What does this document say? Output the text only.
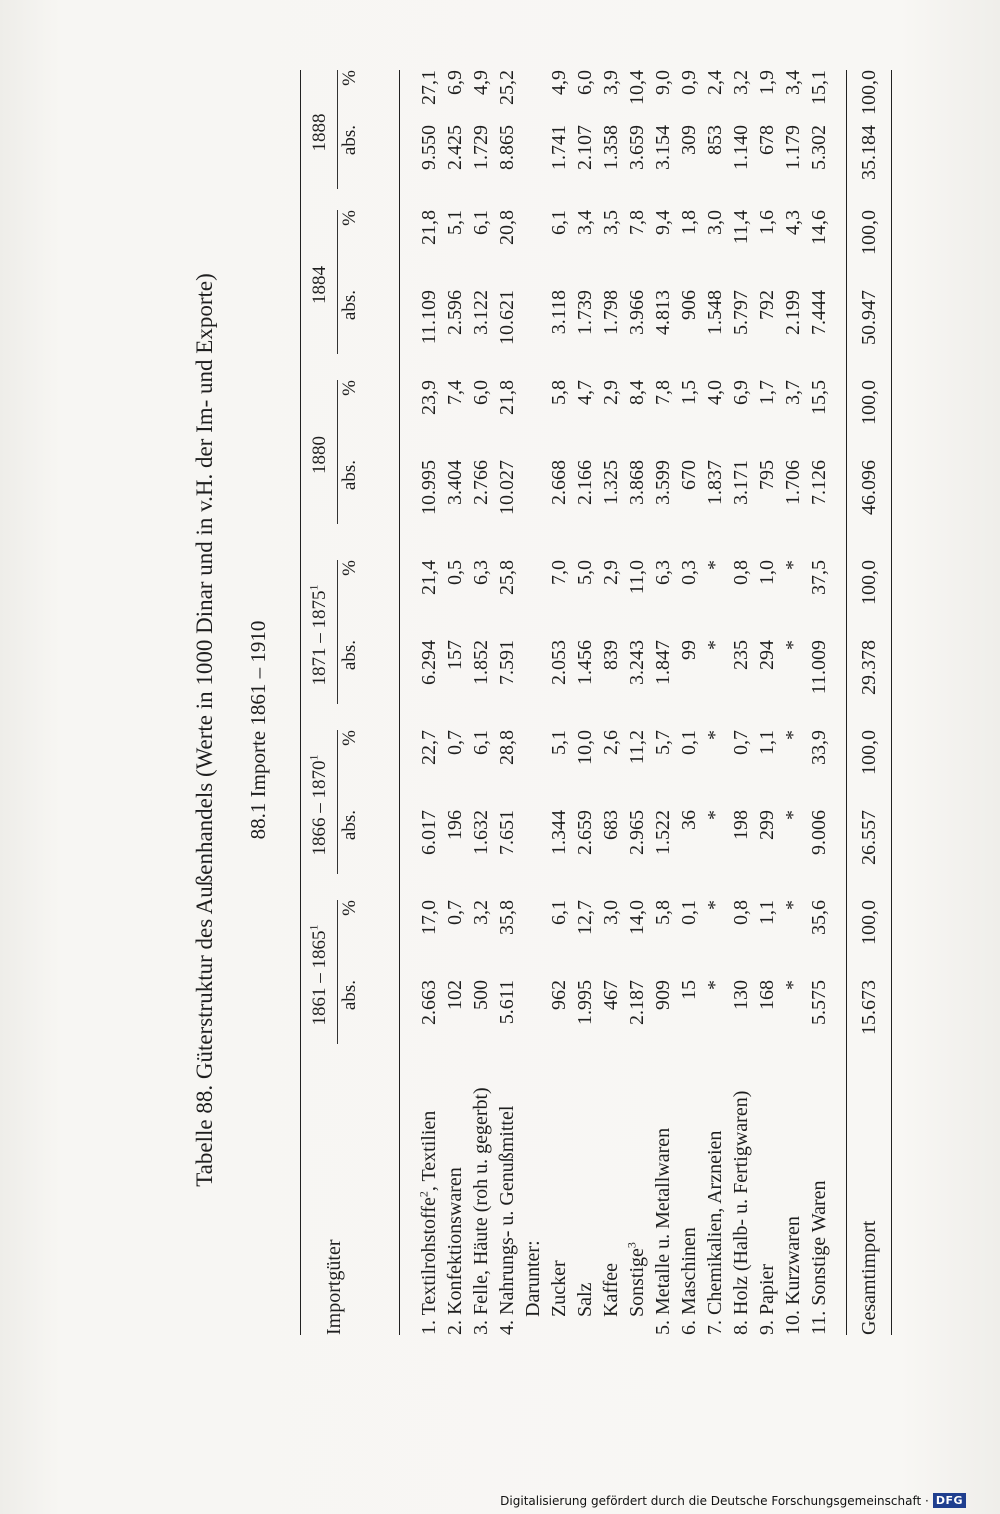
Tabelle 88. Güterstruktur des Außenhandels (Werte in 1000 Dinar und in v.H. der Im- und Exporte) 88.1 Importe 1861 – 1910
Importgüter
1861 – 1865$^1$
abs.
%
1866 – 1870$^1$
abs.
%
1871 – 1875$^1$
abs.
%
1880
abs.
%
1884
abs.
%
1888 abs.
%
1. Textilrohstoffe$^2$, Textilien
2.663
17,0
6.017
22,7
6.294
21,4
10.995
23,9
11.109
21,8
9.550
27,1
2. Konfektionswaren
102
0,7
196
0,7
157
0,5
3.404
7,4
2.596
5,1
2.425
6,9
3. Felle, Häute (roh u. gegerbt)
500
3,2
1.632
6,1
1.852
6,3
2.766
6,0
3.122
6,1
1.729
4,9
4. Nahrungs- u. Genußmittel
5.611
35,8
7.651
28,8
7.591
25,8
10.027
21,8
10.621
20,8
8.865
25,2
Darunter: Zucker
962
6,1
1.344
5,1
2.053
7,0
2.668
5,8
3.118
6,1
1.741
4,9
Salz
1.995
12,7
2.659
10,0
1.456
5,0
2.166
4,7
1.739
3,4
2.107
6,0
Kaffee
467
3,0
683
2,6
839
2,9
1.325
2,9
1.798
3,5
1.358
3,9
Sonstige$^3$
2.187
14,0
2.965
11,2
3.243
11,0
3.868
8,4
3.966
7,8
3.659
10,4
5. Metalle u. Metallwaren
909
5,8
1.522
5,7
1.847
6,3
3.599
7,8
4.813
9,4
3.154
9,0
6. Maschinen
15
0,1
36
0,1
99
0,3
670
1,5
906
1,8
309
0,9
7. Chemikalien, Arzneien
*
*
*
*
*
*
1.837
4,0
1.548
3,0
853
2,4
8. Holz (Halb- u. Fertigwaren)
130
0,8
198
0,7
235
0,8
3.171
6,9
5.797
11,4
1.140
3,2
9. Papier
168
1,1
299
1,1
294
1,0
795
1,7
792
1,6
678
1,9
10. Kurzwaren
*
*
*
*
*
*
1.706
3,7
2.199
4,3
1.179
3,4
11. Sonstige Waren
5.575
35,6
9.006
33,9
11.009
37,5
7.126
15,5
7.444
14,6
5.302
15,1
Gesamtimport
15.673
100,0
26.557
100,0
29.378
100,0
46.096
100,0
50.947
100,0
35.184
100,0
Digitalisierung gefördert durch die Deutsche Forschungsgemeinschaft · DFG
